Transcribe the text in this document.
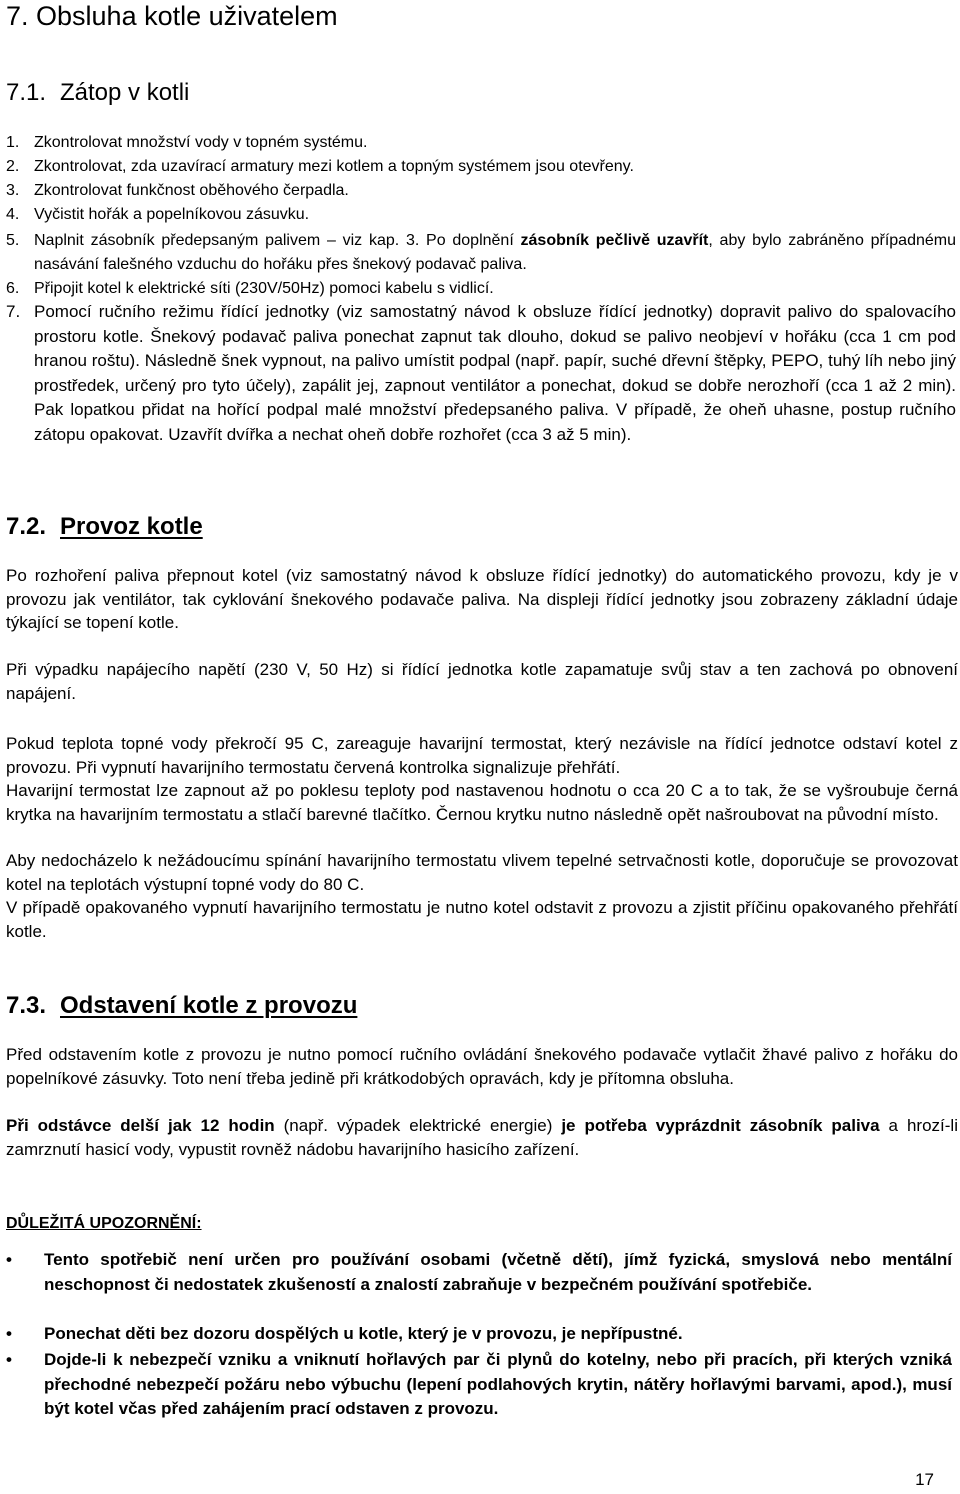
7. Obsluha kotle uživatelem
7.1. Zátop v kotli
1. Zkontrolovat množství vody v topném systému.
2. Zkontrolovat, zda uzavírací armatury mezi kotlem a topným systémem jsou otevřeny.
3. Zkontrolovat funkčnost oběhového čerpadla.
4. Vyčistit hořák a popelníkovou zásuvku.
5. Naplnit zásobník předepsaným palivem – viz kap. 3. Po doplnění zásobník pečlivě uzavřít, aby bylo zabráněno případnému nasávání falešného vzduchu do hořáku přes šnekový podavač paliva.
6. Připojit kotel k elektrické síti (230V/50Hz) pomoci kabelu s vidlicí.
7. Pomocí ručního režimu řídící jednotky (viz samostatný návod k obsluze řídící jednotky) dopravit palivo do spalovacího prostoru kotle. Šnekový podavač paliva ponechat zapnut tak dlouho, dokud se palivo neobjeví v hořáku (cca 1 cm pod hranou roštu). Následně šnek vypnout, na palivo umístit podpal (např. papír, suché dřevní štěpky, PEPO, tuhý líh nebo jiný prostředek, určený pro tyto účely), zapálit jej, zapnout ventilátor a ponechat, dokud se dobře nerozhoří (cca 1 až 2 min). Pak lopatkou přidat na hořící podpal malé množství předepsaného paliva. V případě, že oheň uhasne, postup ručního zátopu opakovat. Uzavřít dvířka a nechat oheň dobře rozhořet (cca 3 až 5 min).
7.2. Provoz kotle

Po rozhoření paliva přepnout kotel (viz samostatný návod k obsluze řídící jednotky) do automatického provozu, kdy je v provozu jak ventilátor, tak cyklování šnekového podavače paliva. Na displeji řídící jednotky jsou zobrazeny základní údaje týkající se topení kotle.

Při výpadku napájecího napětí (230 V, 50 Hz) si řídící jednotka kotle zapamatuje svůj stav a ten zachová po obnovení napájení.

Pokud teplota topné vody překročí 95 C, zareaguje havarijní termostat, který nezávisle na řídící jednotce odstaví kotel z provozu. Při vypnutí havarijního termostatu červená kontrolka signalizuje přehřátí.

Havarijní termostat lze zapnout až po poklesu teploty pod nastavenou hodnotu o cca 20 C a to tak, že se vyšroubuje černá krytka na havarijním termostatu a stlačí barevné tlačítko. Černou krytku nutno následně opět našroubovat na původní místo.

Aby nedocházelo k nežádoucímu spínání havarijního termostatu vlivem tepelné setrvačnosti kotle, doporučuje se provozovat kotel na teplotách výstupní topné vody do 80 C.

V případě opakovaného vypnutí havarijního termostatu je nutno kotel odstavit z provozu a zjistit příčinu opakovaného přehřátí kotle.

7.3. Odstavení kotle z provozu

Před odstavením kotle z provozu je nutno pomocí ručního ovládání šnekového podavače vytlačit žhavé palivo z hořáku do popelníkové zásuvky. Toto není třeba jedině při krátkodobých opravách, kdy je přítomna obsluha.

Při odstávce delší jak 12 hodin (např. výpadek elektrické energie) je potřeba vyprázdnit zásobník paliva a hrozí-li zamrznutí hasicí vody, vypustit rovněž nádobu havarijního hasicího zařízení.

DŮLEŽITÁ UPOZORNĚNÍ:
•	Tento spotřebič není určen pro používání osobami (včetně dětí), jímž fyzická, smyslová nebo mentální neschopnost či nedostatek zkušeností a znalostí zabraňuje v bezpečném používání spotřebiče.
•	Ponechat děti bez dozoru dospělých u kotle, který je v provozu, je nepřípustné.
•	Dojde-li k nebezpečí vzniku a vniknutí hořlavých par či plynů do kotelny, nebo při pracích, při kterých vzniká přechodné nebezpečí požáru nebo výbuchu (lepení podlahových krytin, nátěry hořlavými barvami, apod.), musí být kotel včas před zahájením prací odstaven z provozu.
17
